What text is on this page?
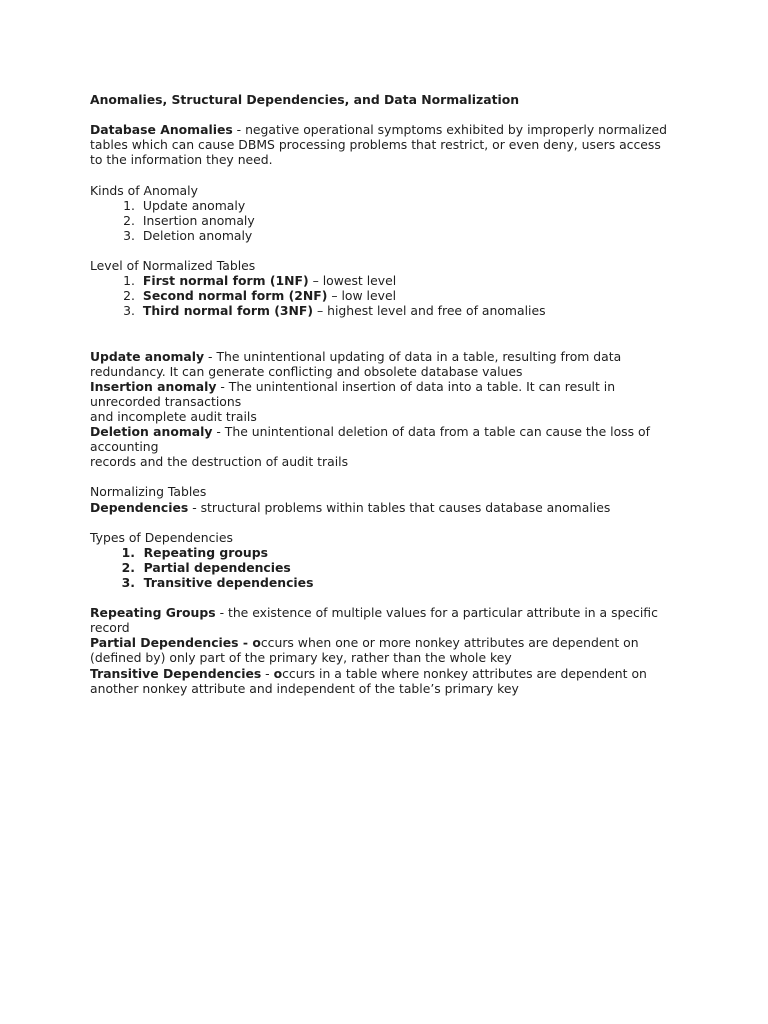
Anomalies, Structural Dependencies, and Data Normalization
Database Anomalies - negative operational symptoms exhibited by improperly normalized
tables which can cause DBMS processing problems that restrict, or even deny, users access
to the information they need.
Kinds of Anomaly
1. Update anomaly
2. Insertion anomaly
3. Deletion anomaly
Level of Normalized Tables
1. First normal form (1NF) – lowest level
2. Second normal form (2NF) – low level
3. Third normal form (3NF) – highest level and free of anomalies
Update anomaly - The unintentional updating of data in a table, resulting from data
redundancy. It can generate conflicting and obsolete database values
Insertion anomaly - The unintentional insertion of data into a table. It can result in
unrecorded transactions
and incomplete audit trails
Deletion anomaly - The unintentional deletion of data from a table can cause the loss of
accounting
records and the destruction of audit trails
Normalizing Tables
Dependencies - structural problems within tables that causes database anomalies
Types of Dependencies
1. Repeating groups
2. Partial dependencies
3. Transitive dependencies
Repeating Groups - the existence of multiple values for a particular attribute in a specific
record
Partial Dependencies - occurs when one or more nonkey attributes are dependent on
(defined by) only part of the primary key, rather than the whole key
Transitive Dependencies - occurs in a table where nonkey attributes are dependent on
another nonkey attribute and independent of the table’s primary key
